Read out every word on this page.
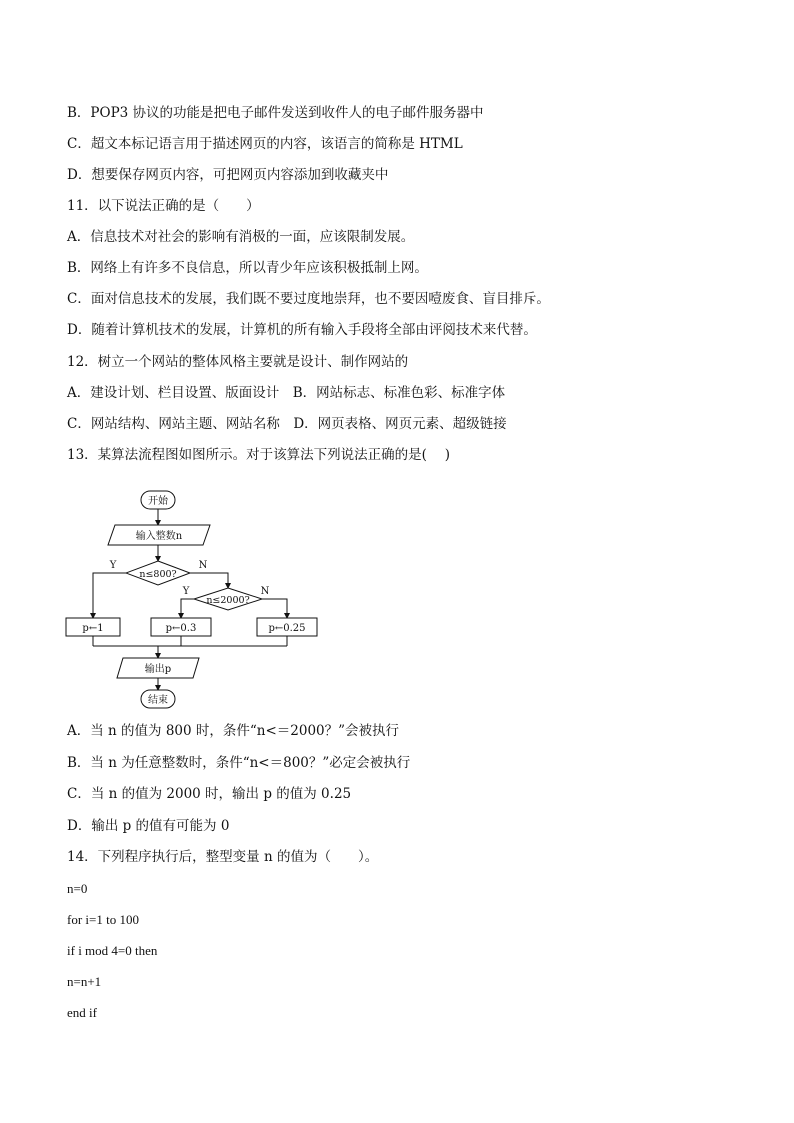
B．POP3 协议的功能是把电子邮件发送到收件人的电子邮件服务器中
C．超文本标记语言用于描述网页的内容，该语言的简称是 HTML
D．想要保存网页内容，可把网页内容添加到收藏夹中
11．以下说法正确的是（　　）
A．信息技术对社会的影响有消极的一面，应该限制发展。
B．网络上有许多不良信息，所以青少年应该积极抵制上网。
C．面对信息技术的发展，我们既不要过度地崇拜，也不要因噎废食、盲目排斥。
D．随着计算机技术的发展，计算机的所有输入手段将全部由评阅技术来代替。
12．树立一个网站的整体风格主要就是设计、制作网站的
A．建设计划、栏目设置、版面设计　B．网站标志、标准色彩、标准字体
C．网站结构、网站主题、网站名称　D．网页表格、网页元素、超级链接
13．某算法流程图如图所示。对于该算法下列说法正确的是(　 )
开始
输入整数n
n≤800?
Y	N
n≤2000?
Y	N
p←1	p←0.3	p←0.25
输出p
结束
A．当 n 的值为 800 时，条件“n<＝2000？”会被执行
B．当 n 为任意整数时，条件“n<＝800？”必定会被执行
C．当 n 的值为 2000 时，输出 p 的值为 0.25
D．输出 p 的值有可能为 0
14．下列程序执行后，整型变量 n 的值为（　　）。
n=0
for i=1 to 100
if i mod 4=0 then
n=n+1
end if
